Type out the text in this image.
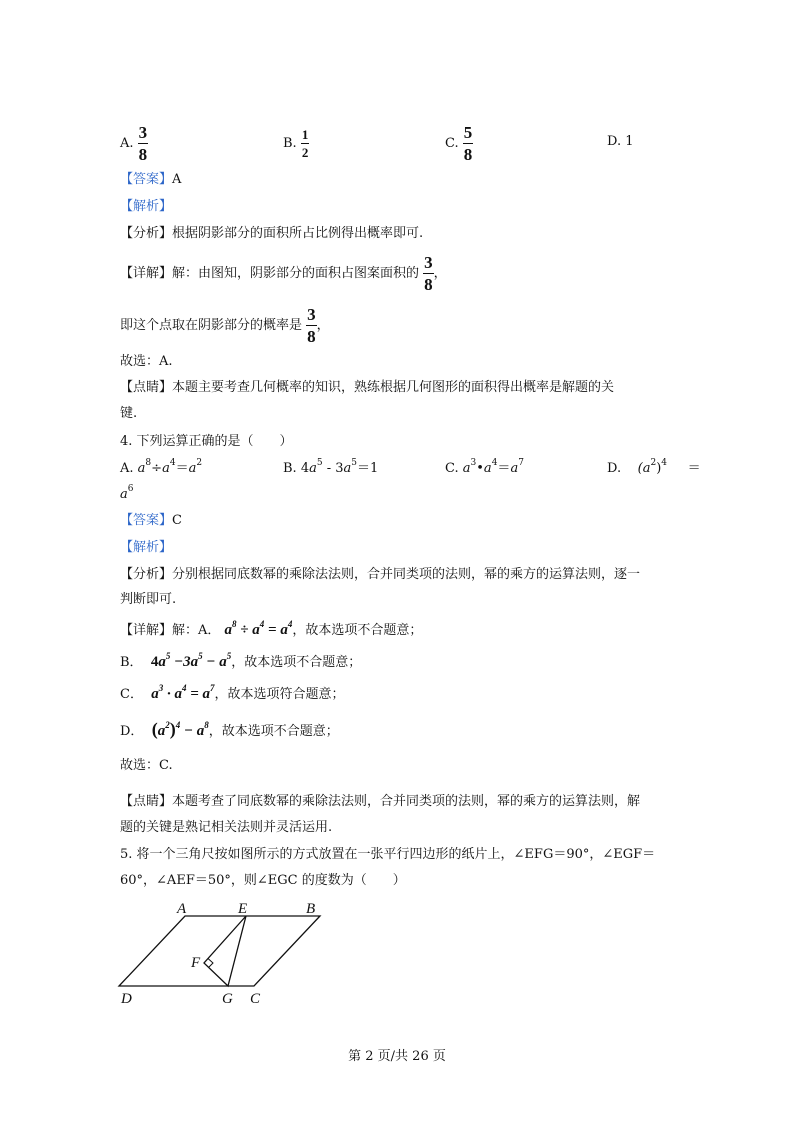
A. $\frac{3}{8}$	B. $\frac{1}{2}$	C. $\frac{5}{8}$	D. 1
【答案】A
【解析】
【分析】根据阴影部分的面积所占比例得出概率即可.
【详解】解：由图知，阴影部分的面积占图案面积的 $\frac{3}{8}$ ，
即这个点取在阴影部分的概率是 $\frac{3}{8}$ ，
故选：A.
【点睛】本题主要考查几何概率的知识，熟练根据几何图形的面积得出概率是解题的关
键.
4. 下列运算正确的是（　　）
A. $a^8\div a^4=a^2$	B. $4a^5 - 3a^5=1$	C. $a^3•a^4=a^7$	D. $(a^2)^4$ ＝
$a^6$
【答案】C
【解析】
【分析】分别根据同底数幂的乘除法法则，合并同类项的法则，幂的乘方的运算法则，逐一
判断即可.
【详解】解：A． $a^8 \div a^4 = a^4$，故本选项不合题意；
B． $4a^5 -3a^5 - a^5$，故本选项不合题意；
C． $a^3 \cdot a^4 = a^7$，故本选项符合题意；
D． $(a^2)^4 - a^8$，故本选项不合题意；
故选：C.
【点睛】本题考查了同底数幂的乘除法法则，合并同类项的法则，幂的乘方的运算法则，解
题的关键是熟记相关法则并灵活运用.
5. 将一个三角尺按如图所示的方式放置在一张平行四边形的纸片上，∠EFG＝90°，∠EGF＝
60°，∠AEF＝50°，则∠EGC 的度数为（　　）
A	E	B
F
D	G C
第 2 页/共 26 页
